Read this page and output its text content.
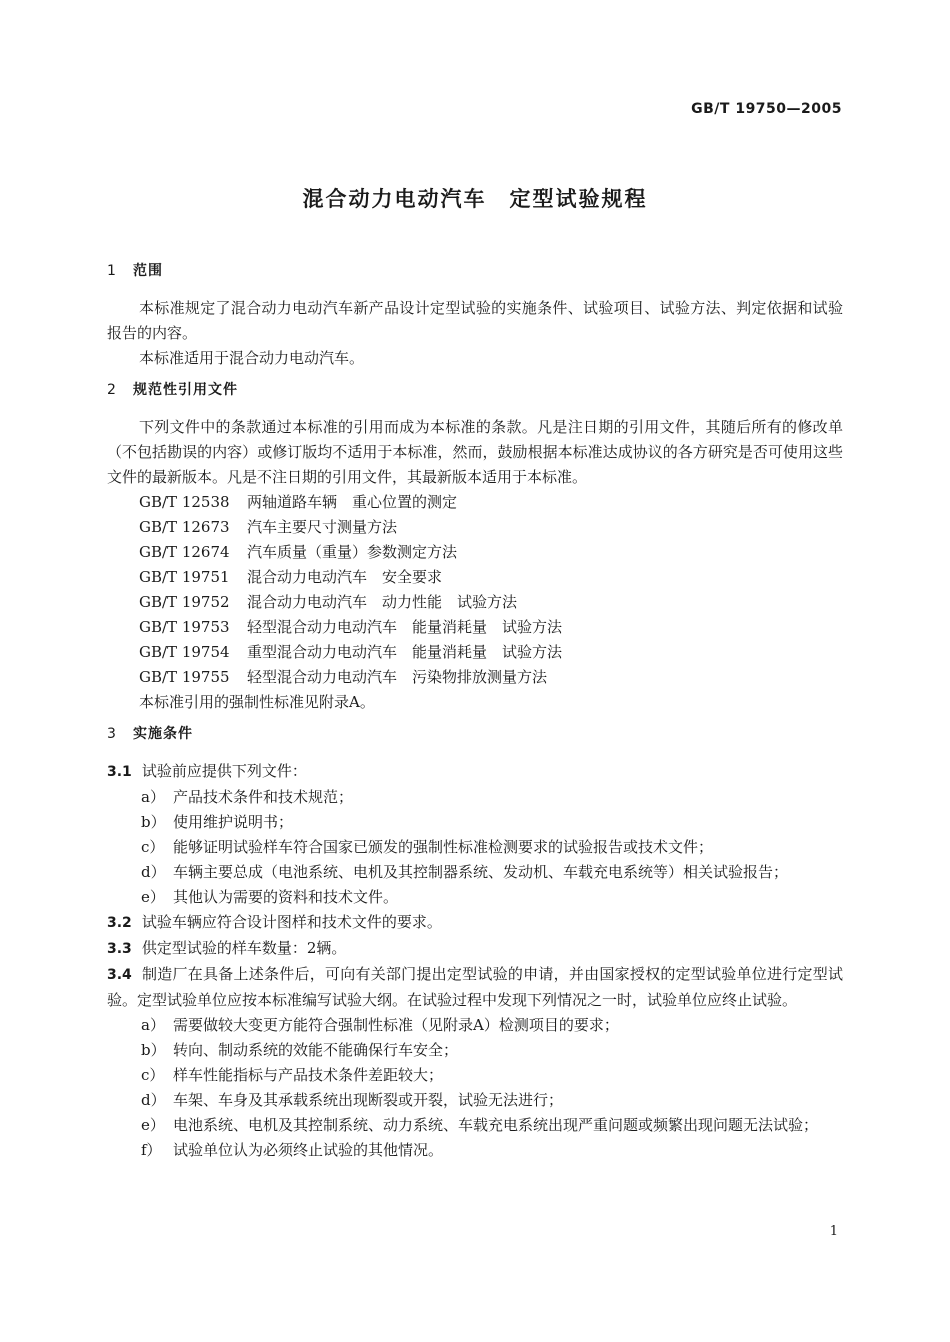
GB/T 19750—2005
混合动力电动汽车　定型试验规程
1 范围
本标准规定了混合动力电动汽车新产品设计定型试验的实施条件、试验项目、试验方法、判定依据和试验报告的内容。
本标准适用于混合动力电动汽车。
2 规范性引用文件
下列文件中的条款通过本标准的引用而成为本标准的条款。凡是注日期的引用文件，其随后所有的修改单（不包括勘误的内容）或修订版均不适用于本标准，然而，鼓励根据本标准达成协议的各方研究是否可使用这些文件的最新版本。凡是不注日期的引用文件，其最新版本适用于本标准。
GB/T 12538 两轴道路车辆　重心位置的测定
GB/T 12673 汽车主要尺寸测量方法
GB/T 12674 汽车质量（重量）参数测定方法
GB/T 19751 混合动力电动汽车　安全要求
GB/T 19752 混合动力电动汽车　动力性能　试验方法
GB/T 19753 轻型混合动力电动汽车　能量消耗量　试验方法
GB/T 19754 重型混合动力电动汽车　能量消耗量　试验方法
GB/T 19755 轻型混合动力电动汽车　污染物排放测量方法
本标准引用的强制性标准见附录A。
3 实施条件
3.1 试验前应提供下列文件：
a） 产品技术条件和技术规范；
b） 使用维护说明书；
c） 能够证明试验样车符合国家已颁发的强制性标准检测要求的试验报告或技术文件；
d） 车辆主要总成（电池系统、电机及其控制器系统、发动机、车载充电系统等）相关试验报告；
e） 其他认为需要的资料和技术文件。
3.2 试验车辆应符合设计图样和技术文件的要求。
3.3 供定型试验的样车数量：2辆。
3.4 制造厂在具备上述条件后，可向有关部门提出定型试验的申请，并由国家授权的定型试验单位进行定型试验。定型试验单位应按本标准编写试验大纲。在试验过程中发现下列情况之一时，试验单位应终止试验。
a） 需要做较大变更方能符合强制性标准（见附录A）检测项目的要求；
b） 转向、制动系统的效能不能确保行车安全；
c） 样车性能指标与产品技术条件差距较大；
d） 车架、车身及其承载系统出现断裂或开裂，试验无法进行；
e） 电池系统、电机及其控制系统、动力系统、车载充电系统出现严重问题或频繁出现问题无法试验；
f） 试验单位认为必须终止试验的其他情况。
1
